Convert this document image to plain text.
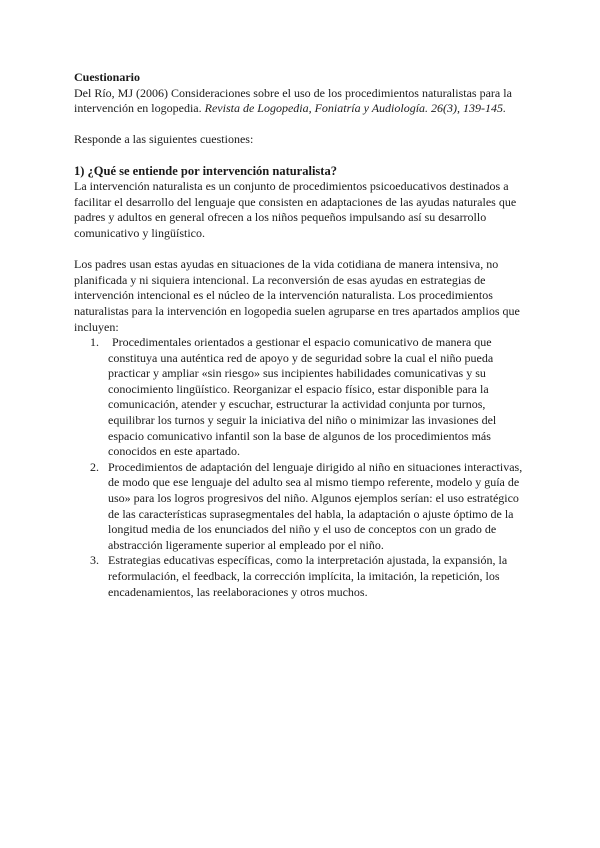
Cuestionario

Del Río, MJ (2006) Consideraciones sobre el uso de los procedimientos naturalistas para la intervención en logopedia. Revista de Logopedia, Foniatría y Audiología. 26(3), 139-145.

Responde a las siguientes cuestiones:

1) ¿Qué se entiende por intervención naturalista?

La intervención naturalista es un conjunto de procedimientos psicoeducativos destinados a facilitar el desarrollo del lenguaje que consisten en adaptaciones de las ayudas naturales que padres y adultos en general ofrecen a los niños pequeños impulsando así su desarrollo comunicativo y lingüístico.

Los padres usan estas ayudas en situaciones de la vida cotidiana de manera intensiva, no planificada y ni siquiera intencional. La reconversión de esas ayudas en estrategias de intervención intencional es el núcleo de la intervención naturalista. Los procedimientos naturalistas para la intervención en logopedia suelen agruparse en tres apartados amplios que incluyen:

1. Procedimentales orientados a gestionar el espacio comunicativo de manera que constituya una auténtica red de apoyo y de seguridad sobre la cual el niño pueda practicar y ampliar «sin riesgo» sus incipientes habilidades comunicativas y su conocimiento lingüístico. Reorganizar el espacio físico, estar disponible para la comunicación, atender y escuchar, estructurar la actividad conjunta por turnos, equilibrar los turnos y seguir la iniciativa del niño o minimizar las invasiones del espacio comunicativo infantil son la base de algunos de los procedimientos más conocidos en este apartado.
2. Procedimientos de adaptación del lenguaje dirigido al niño en situaciones interactivas, de modo que ese lenguaje del adulto sea al mismo tiempo referente, modelo y guía de uso» para los logros progresivos del niño. Algunos ejemplos serían: el uso estratégico de las características suprasegmentales del habla, la adaptación o ajuste óptimo de la longitud media de los enunciados del niño y el uso de conceptos con un grado de abstracción ligeramente superior al empleado por el niño.
3. Estrategias educativas específicas, como la interpretación ajustada, la expansión, la reformulación, el feedback, la corrección implícita, la imitación, la repetición, los encadenamientos, las reelaboraciones y otros muchos.
